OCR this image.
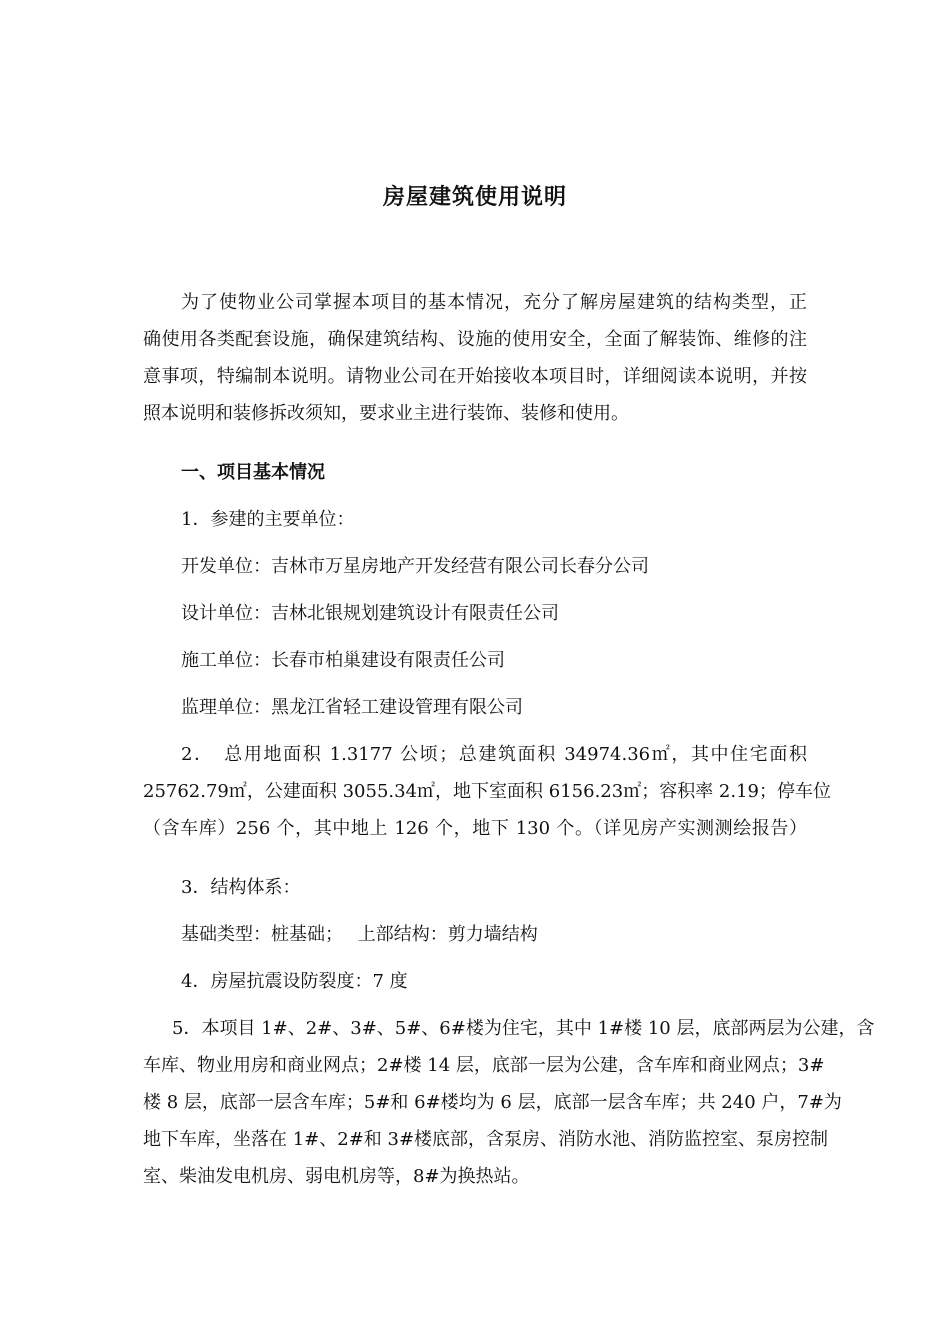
房屋建筑使用说明
为了使物业公司掌握本项目的基本情况，充分了解房屋建筑的结构类型，正
确使用各类配套设施，确保建筑结构、设施的使用安全，全面了解装饰、维修的注
意事项，特编制本说明。请物业公司在开始接收本项目时，详细阅读本说明，并按
照本说明和装修拆改须知，要求业主进行装饰、装修和使用。
一、项目基本情况
1．参建的主要单位：
开发单位：吉林市万星房地产开发经营有限公司长春分公司
设计单位：吉林北银规划建筑设计有限责任公司
施工单位：长春市柏巢建设有限责任公司
监理单位：黑龙江省轻工建设管理有限公司
2．　总用地面积 1.3177 公顷；总建筑面积 34974.36㎡，其中住宅面积
25762.79㎡，公建面积 3055.34㎡，地下室面积 6156.23㎡；容积率 2.19；停车位
（含车库）256 个，其中地上 126 个，地下 130 个。（详见房产实测测绘报告）
3．结构体系：
基础类型：桩基础；　 上部结构：剪力墙结构
4．房屋抗震设防裂度：7 度
5．本项目 1#、2#、3#、5#、6#楼为住宅，其中 1#楼 10 层，底部两层为公建，含
车库、物业用房和商业网点；2#楼 14 层，底部一层为公建，含车库和商业网点；3#
楼 8 层，底部一层含车库；5#和 6#楼均为 6 层，底部一层含车库；共 240 户，7#为
地下车库，坐落在 1#、2#和 3#楼底部，含泵房、消防水池、消防监控室、泵房控制
室、柴油发电机房、弱电机房等，8#为换热站。
